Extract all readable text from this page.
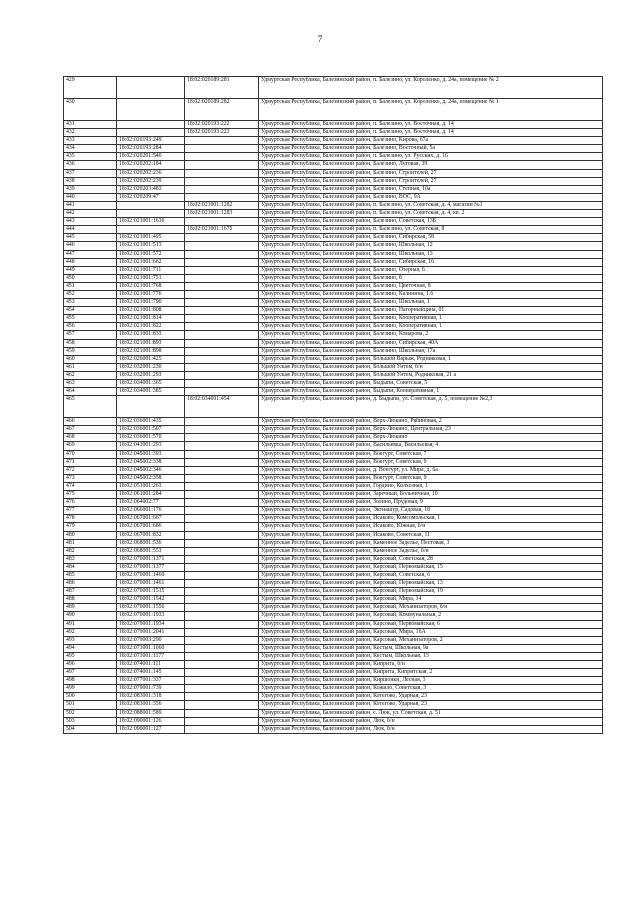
7
429		18:02:020189:281	Удмуртская Республика, Балезинский район, п. Балезино, ул. Короленко, д. 24а, помещение № 2
430		18:02:020189:282	Удмуртская Республика, Балезинский район, п. Балезино, ул. Короленко, д. 24а, помещение № 1
431		18:02:020193:222	Удмуртская Республика, Балезинский район, п. Балезино, ул. Восточная, д. 14
432		18:02:020193:223	Удмуртская Республика, Балезинский район, п. Балезино, ул. Восточная, д. 14
433	18:02:020193:249		Удмуртская Республика, Балезинский район, Балезино, Кирова, 67а
434	18:02:020193:284		Удмуртская Республика, Балезинский район, Балезино, Восточный, 5а
435	18:02:020201:540		Удмуртская Республика, Балезинский район, п. Балезино, ул. Русских, д. 16
436	18:02:020202:184		Удмуртская Республика, Балезинский район, Балезино, Луговая, 39
437	18:02:020202:236		Удмуртская Республика, Балезинский район, Балезино, Строителей, 27
438	18:02:020202:239		Удмуртская Республика, Балезинский район, Балезино, Строителей, 27
439	18:02:020203:483		Удмуртская Республика, Балезинский район, Балезино, Степная, 10а
440	18:02:020209:47		Удмуртская Республика, Балезинский район, Балезино, ВОС, 9А
441		18:02:021001:1282	Удмуртская Республика, Балезинский район, п. Балезино, ул. Советская, д. 4, магазин №1
442		18:02:021001:1283	Удмуртская Республика, Балезинский район, п. Балезино, ул. Советская, д. 4, кв. 2
443	18:02:021001:1636		Удмуртская Республика, Балезинский район, Балезино, Советская, 13Б
444		18:02:021001:1675	Удмуртская Республика, Балезинский район, п. Балезино, ул. Советская, 8
445	18:02:021001:495		Удмуртская Республика, Балезинский район, Балезино, Сибирская, 58
446	18:02:021001:513		Удмуртская Республика, Балезинский район, Балезино, Школьная, 12
447	18:02:021001:572		Удмуртская Республика, Балезинский район, Балезино, Школьная, 13
448	18:02:021001:662		Удмуртская Республика, Балезинский район, Балезино, Сибирская, 16
449	18:02:021001:711		Удмуртская Республика, Балезинский район, Балезино, Озерная, 6
450	18:02:021001:751		Удмуртская Республика, Балезинский район, Балезино, 8
451	18:02:021001:768		Удмуртская Республика, Балезинский район, Балезино, Цветочная, 8
452	18:02:021001:776		Удмуртская Республика, Балезинский район, Балезино, Калинина, 1.6
453	18:02:021001:790		Удмуртская Республика, Балезинский район, Балезино, Школьная, 1
454	18:02:021001:808		Удмуртская Республика, Балезинский район, Балезино, Нагорныйцина, 01
455	18:02:021001:814		Удмуртская Республика, Балезинский район, Балезино, Кооперативная, 1
456	18:02:021001:822		Удмуртская Республика, Балезинский район, Балезино, Кооперативная, 1
457	18:02:021001:833		Удмуртская Республика, Балезинский район, Балезино, Комарова, 2
458	18:02:021001:893		Удмуртская Республика, Балезинский район, Балезино, Сибирская, 40А
459	18:02:021001:898		Удмуртская Республика, Балезинский район, Балезино, Школьная, 17а
460	18:02:026001:425		Удмуртская Республика, Балезинский район, Большой Варыж, Родниковая, 1
461	18:02:032001:230		Удмуртская Республика, Балезинский район, Большой Унтем, б/н
462	18:02:032001:293		Удмуртская Республика, Балезинский район, Большой Унтем, Родниковая, 21 а
463	18:02:034001:365		Удмуртская Республика, Балезинский район, Быдыпи, Советская, 5
464	18:02:034001:385		Удмуртская Республика, Балезинский район, Быдыпи, Кооперативная, 1
465		18:02:034001:454	Удмуртская Республика, Балезинский район, д. Быдыпи, ул. Советская, д. 5, помещение №2,3
466	18:02:036001:435		Удмуртская Республика, Балезинский район, Верх-Люкино, Рябиновая, 2
467	18:02:036001:507		Удмуртская Республика, Балезинский район, Верх-Люкино, Центральная, 23
468	18:02:036001:570		Удмуртская Республика, Балезинский район, Верх-Люкино
469	18:02:041001:293		Удмуртская Республика, Балезинский район, Васильевка, Васильевая, 4
470	18:02:045001:393		Удмуртская Республика, Балезинский район, Воегурт, Советская, 7
471	18:02:045002:338		Удмуртская Республика, Балезинский район, Воегурт, Советская, 9
472	18:02:045002:346		Удмуртская Республика, Балезинский район, д. Воегурт, ул. Мира, д. 6а
473	18:02:045002:358		Удмуртская Республика, Балезинский район, Воегурт, Советская, 9
474	18:02:051001:263		Удмуртская Республика, Балезинский район, Гордино, Колхозная, 1
475	18:02:061001:284		Удмуртская Республика, Балезинский район, Заречный, Больничная, 10
476	18:02:064002:77		Удмуртская Республика, Балезинский район, Золино, Прудовая, 9
477	18:02:066001:176		Удмуртская Республика, Балезинский район, Эктиашур, Садовая, 18
478	18:02:067001:667		Удмуртская Республика, Балезинский район, Исаково, Комсомольская, 1
479	18:02:067001:686		Удмуртская Республика, Балезинский район, Исаково, Южная, б/н
480	18:02:067001:832		Удмуртская Республика, Балезинский район, Исаково, Советская, 11
481	18:02:068001:536		Удмуртская Республика, Балезинский район, Каменное Заделье, Пестовая, 3
482	18:02:068001:553		Удмуртская Республика, Балезинский район, Каменное Заделье, б/н
483	18:02:070001:1371		Удмуртская Республика, Балезинский район, Карсовай, Советская, 28
484	18:02:070001:1377		Удмуртская Республика, Балезинский район, Карсовай, Первомайская, 15
485	18:02:070001:1460		Удмуртская Республика, Балезинский район, Карсовай, Советская, 6
486	18:02:070001:1461		Удмуртская Республика, Балезинский район, Карсовай, Первомайская, 13
487	18:02:070001:1515		Удмуртская Республика, Балезинский район, Карсовай, Первомайская, 19
488	18:02:070001:1542		Удмуртская Республика, Балезинский район, Карсовай, Мира, 14
489	18:02:070001:1556		Удмуртская Республика, Балезинский район, Карсовай, Механизаторов, б/н
490	18:02:070001:1933		Удмуртская Республика, Балезинский район, Карсовай, Коммунальная, 2
491	18:02:070001:1934		Удмуртская Республика, Балезинский район, Карсовай, Первомайская, 6
492	18:02:070001:2041		Удмуртская Республика, Балезинский район, Карсовай, Мира, 16А
493	18:02:070003:290		Удмуртская Республика, Балезинский район, Карсовай, Механизаторов, 2
494	18:02:073001:1060		Удмуртская Республика, Балезинский район, Кестым, Школьная, 9а
495	18:02:073001:1177		Удмуртская Республика, Балезинский район, Кестым, Школьная, 13
496	18:02:074001:111		Удмуртская Республика, Балезинский район, Киприта, б/н
497	18:02:074001:145		Удмуртская Республика, Балезинский район, Киприта, Кипритская, 2
498	18:02:077001:337		Удмуртская Республика, Балезинский район, Киршонки, Лесная, 3
499	18:02:079001:739		Удмуртская Республика, Балезинский район, Кожило, Советская, 3
500	18:02:083001:318		Удмуртская Республика, Балезинский район, Котегово, Ударная, 23
501	18:02:083001:356		Удмуртская Республика, Балезинский район, Котегово, Ударная, 23
502	18:02:088001:589		Удмуртская Республика, Балезинский район, с. Люк, ул. Советская, д. 51
503	18:02:090001:126		Удмуртская Республика, Балезинский район, Люк, б/н
504	18:02:090001:127		Удмуртская Республика, Балезинский район, Люк, б/н
